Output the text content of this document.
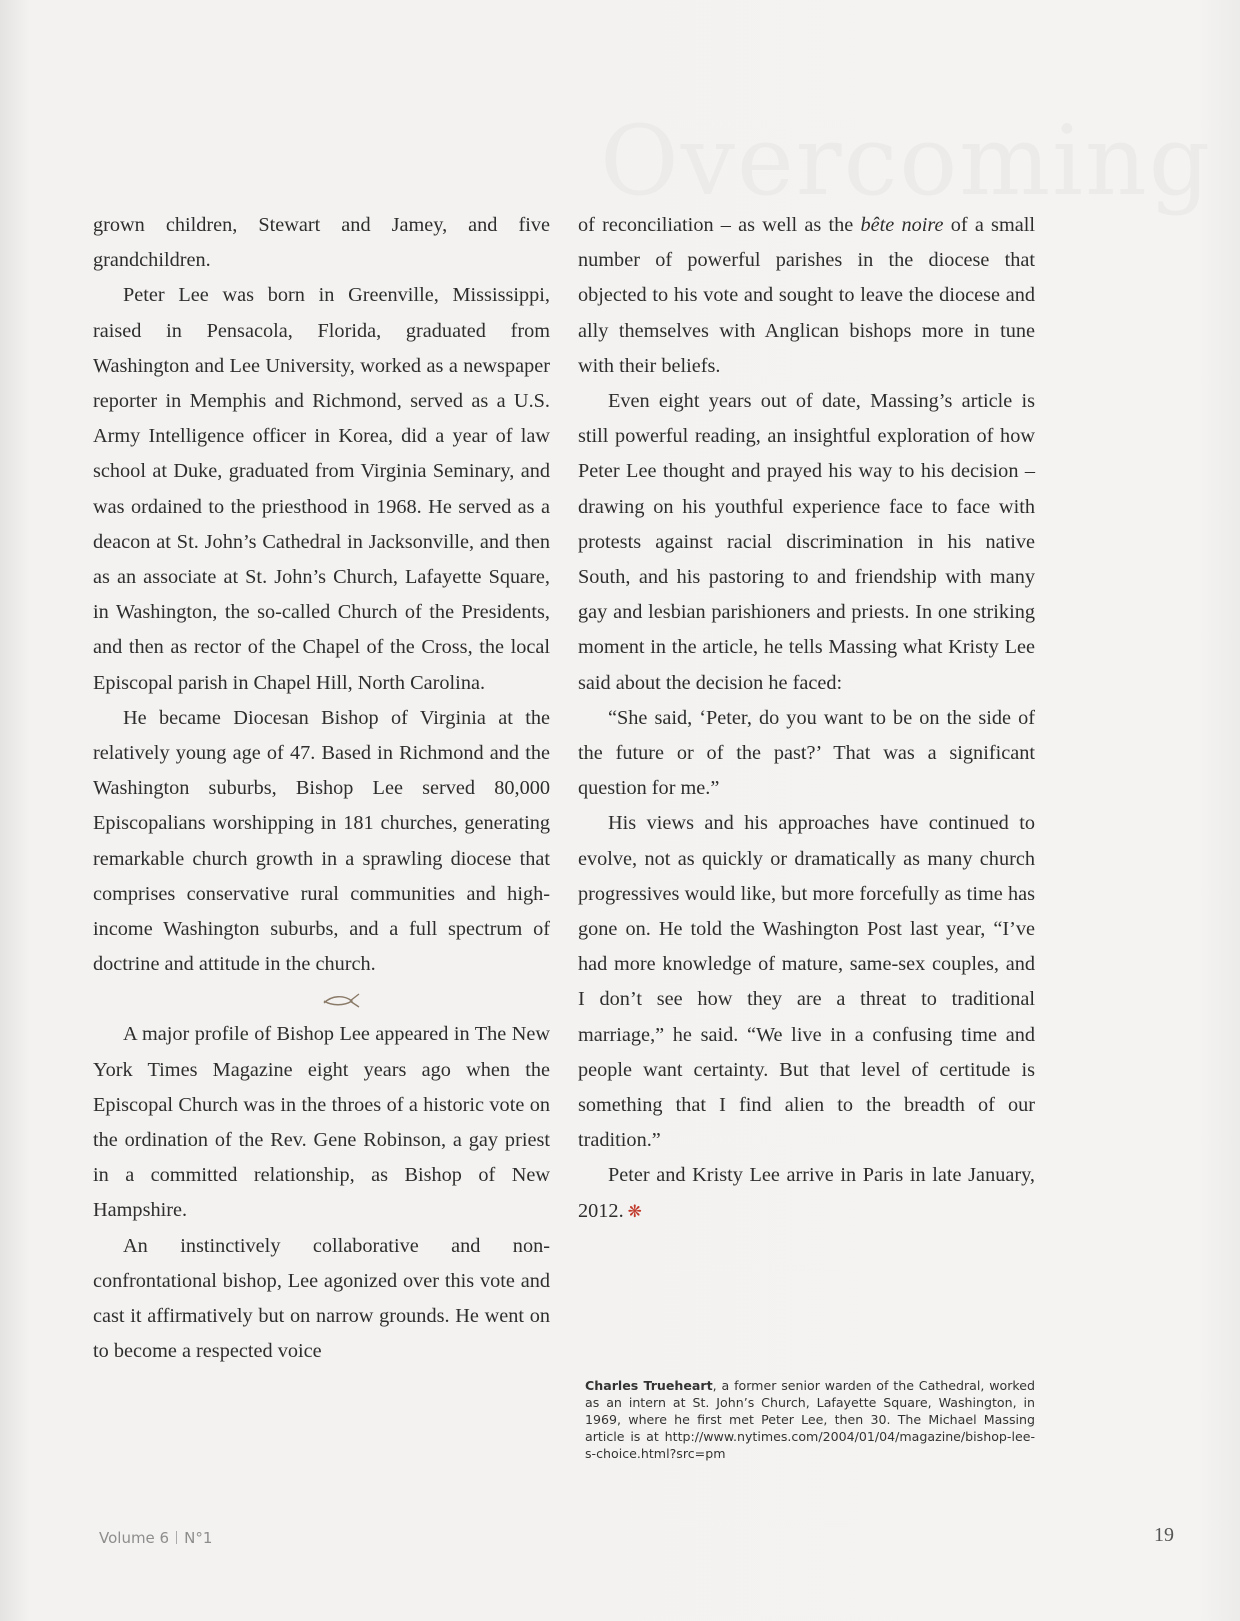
Overcoming

grown children, Stewart and Jamey, and five grandchildren.

Peter Lee was born in Greenville, Mississippi, raised in Pensacola, Florida, graduated from Washington and Lee University, worked as a newspaper reporter in Memphis and Richmond, served as a U.S. Army Intelligence officer in Korea, did a year of law school at Duke, graduated from Virginia Seminary, and was ordained to the priesthood in 1968. He served as a deacon at St. John’s Cathedral in Jacksonville, and then as an associate at St. John’s Church, Lafayette Square, in Washington, the so-called Church of the Presidents, and then as rector of the Chapel of the Cross, the local Episcopal parish in Chapel Hill, North Carolina.

He became Diocesan Bishop of Virginia at the relatively young age of 47. Based in Richmond and the Washington suburbs, Bishop Lee served 80,000 Episcopalians worshipping in 181 churches, generating remarkable church growth in a sprawling diocese that comprises conservative rural communities and high-income Washington suburbs, and a full spectrum of doctrine and attitude in the church.

A major profile of Bishop Lee appeared in The New York Times Magazine eight years ago when the Episcopal Church was in the throes of a historic vote on the ordination of the Rev. Gene Robinson, a gay priest in a committed relationship, as Bishop of New Hampshire.

An instinctively collaborative and non-confrontational bishop, Lee agonized over this vote and cast it affirmatively but on narrow grounds. He went on to become a respected voice

of reconciliation – as well as the bête noire of a small number of powerful parishes in the diocese that objected to his vote and sought to leave the diocese and ally themselves with Anglican bishops more in tune with their beliefs.

Even eight years out of date, Massing’s article is still powerful reading, an insightful exploration of how Peter Lee thought and prayed his way to his decision – drawing on his youthful experience face to face with protests against racial discrimination in his native South, and his pastoring to and friendship with many gay and lesbian parishioners and priests. In one striking moment in the article, he tells Massing what Kristy Lee said about the decision he faced:

“She said, ‘Peter, do you want to be on the side of the future or of the past?’ That was a significant question for me.”

His views and his approaches have continued to evolve, not as quickly or dramatically as many church progressives would like, but more forcefully as time has gone on. He told the Washington Post last year, “I’ve had more knowledge of mature, same-sex couples, and I don’t see how they are a threat to traditional marriage,” he said. “We live in a confusing time and people want certainty. But that level of certitude is something that I find alien to the breadth of our tradition.”

Peter and Kristy Lee arrive in Paris in late January, 2012. ❋

Charles Trueheart, a former senior warden of the Cathedral, worked as an intern at St. John’s Church, Lafayette Square, Washington, in 1969, where he first met Peter Lee, then 30. The Michael Massing article is at http://www.nytimes.com/2004/01/04/magazine/bishop-lee-s-choice.html?src=pm
Volume 6 N°1	19
